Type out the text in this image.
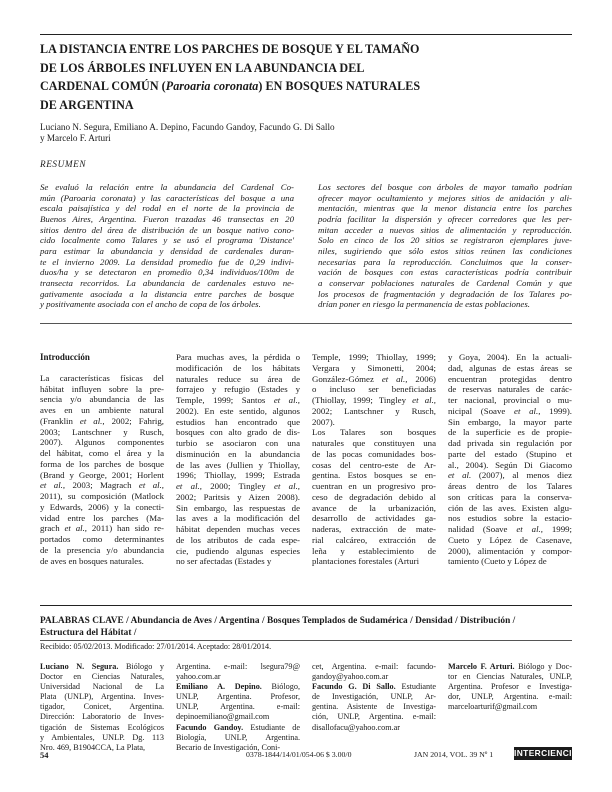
LA DISTANCIA ENTRE LOS PARCHES DE BOSQUE Y EL TAMAÑO
DE LOS ÁRBOLES INFLUYEN EN LA ABUNDANCIA DEL
CARDENAL COMÚN (Paroaria coronata) EN BOSQUES NATURALES
DE ARGENTINA
Luciano N. Segura, Emiliano A. Depino, Facundo Gandoy, Facundo G. Di Sallo
y Marcelo F. Arturi
RESUMEN
Se evaluó la relación entre la abundancia del Cardenal Co-
mún (Paroaria coronata) y las características del bosque a una
escala paisajística y del rodal en el norte de la provincia de
Buenos Aires, Argentina. Fueron trazadas 46 transectas en 20
sitios dentro del área de distribución de un bosque nativo cono-
cido localmente como Talares y se usó el programa 'Distance'
para estimar la abundancia y densidad de cardenales duran-
te el invierno 2009. La densidad promedio fue de 0,29 indivi-
duos/ha y se detectaron en promedio 0,34 individuos/100m de
transecta recorridos. La abundancia de cardenales estuvo ne-
gativamente asociada a la distancia entre parches de bosque
y positivamente asociada con el ancho de copa de los árboles.
Los sectores del bosque con árboles de mayor tamaño podrían
ofrecer mayor ocultamiento y mejores sitios de anidación y ali-
mentación, mientras que la menor distancia entre los parches
podría facilitar la dispersión y ofrecer corredores que les per-
mitan acceder a nuevos sitios de alimentación y reproducción.
Solo en cinco de los 20 sitios se registraron ejemplares juve-
niles, sugiriendo que sólo estos sitios reúnen las condiciones
necesarias para la reproducción. Concluimos que la conser-
vación de bosques con estas características podría contribuir
a conservar poblaciones naturales de Cardenal Común y que
los procesos de fragmentación y degradación de los Talares po-
drían poner en riesgo la permanencia de estas poblaciones.
Introducción
La características físicas del
hábitat influyen sobre la pre-
sencia y/o abundancia de las
aves en un ambiente natural
(Franklin et al., 2002; Fahrig,
2003; Lantschner y Rusch,
2007). Algunos componentes
del hábitat, como el área y la
forma de los parches de bosque
(Brand y George, 2001; Horlent
et al., 2003; Magrach et al.,
2011), su composición (Matlock
y Edwards, 2006) y la conecti-
vidad entre los parches (Ma-
grach et al., 2011) han sido re-
portados como determinantes
de la presencia y/o abundancia
de aves en bosques naturales.
Para muchas aves, la pérdida o
modificación de los hábitats
naturales reduce su área de
forrajeo y refugio (Estades y
Temple, 1999; Santos et al.,
2002). En este sentido, algunos
estudios han encontrado que
bosques con alto grado de dis-
turbio se asociaron con una
disminución en la abundancia
de las aves (Jullien y Thiollay,
1996; Thiollay, 1999; Estrada
et al., 2000; Tingley et al.,
2002; Paritsis y Aizen 2008).
Sin embargo, las respuestas de
las aves a la modificación del
hábitat dependen muchas veces
de los atributos de cada espe-
cie, pudiendo algunas especies
no ser afectadas (Estades y
Temple, 1999; Thiollay, 1999;
Vergara y Simonetti, 2004;
González-Gómez et al., 2006)
o incluso ser beneficiadas
(Thiollay, 1999; Tingley et al.,
2002; Lantschner y Rusch,
2007).
Los Talares son bosques
naturales que constituyen una
de las pocas comunidades bos-
cosas del centro-este de Ar-
gentina. Estos bosques se en-
cuentran en un progresivo pro-
ceso de degradación debido al
avance de la urbanización,
desarrollo de actividades ga-
naderas, extracción de mate-
rial calcáreo, extracción de
leña y establecimiento de
plantaciones forestales (Arturi
y Goya, 2004). En la actuali-
dad, algunas de estas áreas se
encuentran protegidas dentro
de reservas naturales de carác-
ter nacional, provincial o mu-
nicipal (Soave et al., 1999).
Sin embargo, la mayor parte
de la superficie es de propie-
dad privada sin regulación por
parte del estado (Stupino et
al., 2004). Según Di Giacomo
et al. (2007), al menos diez
áreas dentro de los Talares
son críticas para la conserva-
ción de las aves. Existen algu-
nos estudios sobre la estacio-
nalidad (Soave et al., 1999;
Cueto y López de Casenave,
2000), alimentación y compor-
tamiento (Cueto y López de
PALABRAS CLAVE / Abundancia de Aves / Argentina / Bosques Templados de Sudamérica / Densidad / Distribución /
Estructura del Hábitat /
Recibido: 05/02/2013. Modificado: 27/01/2014. Aceptado: 28/01/2014.
Luciano N. Segura. Biólogo y
Doctor en Ciencias Naturales,
Universidad Nacional de La
Plata (UNLP), Argentina. Inves-
tigador, Conicet, Argentina.
Dirección: Laboratorio de Inves-
tigación de Sistemas Ecológicos
y Ambientales, UNLP. Dg. 113
Nro. 469, B1904CCA, La Plata,
Argentina. e-mail: lsegura79@
yahoo.com.ar
Emiliano A. Depino. Biólogo,
UNLP, Argentina. Profesor,
UNLP, Argentina. e-mail:
depinoemiliano@gmail.com
Facundo Gandoy. Estudiante de
Biología, UNLP, Argentina.
Becario de Investigación, Coni-
cet, Argentina. e-mail: facundo-
gandoy@yahoo.com.ar
Facundo G. Di Sallo. Estudiante
de Investigación, UNLP, Ar-
gentina. Asistente de Investiga-
ción, UNLP, Argentina. e-mail:
disallofacu@yahoo.com.ar
Marcelo F. Arturi. Biólogo y Doc-
tor en Ciencias Naturales, UNLP,
Argentina. Profesor e Investiga-
dor, UNLP, Argentina. e-mail:
marceloarturif@gmail.com
54	0378-1844/14/01/054-06 $ 3.00/0	JAN 2014, VOL. 39 Nº 1 INTERCIENCIA
